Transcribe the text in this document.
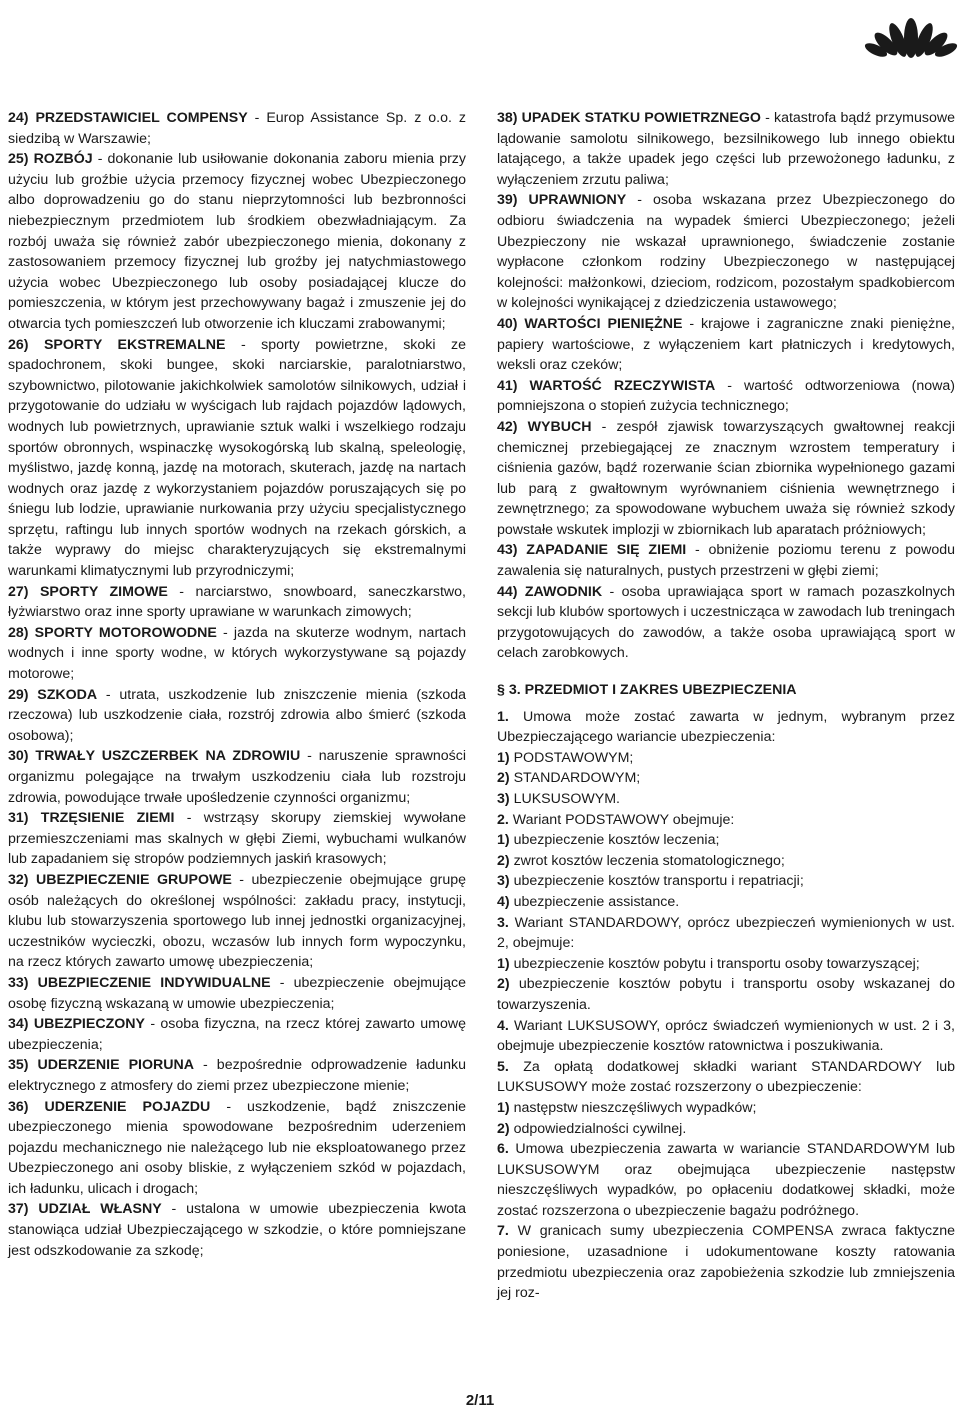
24) PRZEDSTAWICIEL COMPENSY - Europ Assistance Sp. z o.o. z siedzibą w Warszawie;

25) ROZBÓJ - dokonanie lub usiłowanie dokonania zaboru mienia przy użyciu lub groźbie użycia przemocy fizycznej wobec Ubezpieczonego albo doprowadzeniu go do stanu nieprzytomności lub bezbronności niebezpiecznym przedmiotem lub środkiem obezwładniającym. Za rozbój uważa się również zabór ubezpieczonego mienia, dokonany z zastosowaniem przemocy fizycznej lub groźby jej natychmiastowego użycia wobec Ubezpieczonego lub osoby posiadającej klucze do pomieszczenia, w którym jest przechowywany bagaż i zmuszenie jej do otwarcia tych pomieszczeń lub otworzenie ich kluczami zrabowanymi;

26) SPORTY EKSTREMALNE - sporty powietrzne, skoki ze spadochronem, skoki bungee, skoki narciarskie, paralotniarstwo, szybownictwo, pilotowanie jakichkolwiek samolotów silnikowych, udział i przygotowanie do udziału w wyścigach lub rajdach pojazdów lądowych, wodnych lub powietrznych, uprawianie sztuk walki i wszelkiego rodzaju sportów obronnych, wspinaczkę wysokogórską lub skalną, speleologię, myślistwo, jazdę konną, jazdę na motorach, skuterach, jazdę na nartach wodnych oraz jazdę z wykorzystaniem pojazdów poruszających się po śniegu lub lodzie, uprawianie nurkowania przy użyciu specjalistycznego sprzętu, raftingu lub innych sportów wodnych na rzekach górskich, a także wyprawy do miejsc charakteryzujących się ekstremalnymi warunkami klimatycznymi lub przyrodniczymi;

27) SPORTY ZIMOWE - narciarstwo, snowboard, saneczkarstwo, łyżwiarstwo oraz inne sporty uprawiane w warunkach zimowych;

28) SPORTY MOTOROWODNE - jazda na skuterze wodnym, nartach wodnych i inne sporty wodne, w których wykorzystywane są pojazdy motorowe;

29) SZKODA - utrata, uszkodzenie lub zniszczenie mienia (szkoda rzeczowa) lub uszkodzenie ciała, rozstrój zdrowia albo śmierć (szkoda osobowa);

30) TRWAŁY USZCZERBEK NA ZDROWIU - naruszenie sprawności organizmu polegające na trwałym uszkodzeniu ciała lub rozstroju zdrowia, powodujące trwałe upośledzenie czynności organizmu;

31) TRZĘSIENIE ZIEMI - wstrząsy skorupy ziemskiej wywołane przemieszczeniami mas skalnych w głębi Ziemi, wybuchami wulkanów lub zapadaniem się stropów podziemnych jaskiń krasowych;

32) UBEZPIECZENIE GRUPOWE - ubezpieczenie obejmujące grupę osób należących do określonej wspólności: zakładu pracy, instytucji, klubu lub stowarzyszenia sportowego lub innej jednostki organizacyjnej, uczestników wycieczki, obozu, wczasów lub innych form wypoczynku, na rzecz których zawarto umowę ubezpieczenia;

33) UBEZPIECZENIE INDYWIDUALNE - ubezpieczenie obejmujące osobę fizyczną wskazaną w umowie ubezpieczenia;

34) UBEZPIECZONY - osoba fizyczna, na rzecz której zawarto umowę ubezpieczenia;

35) UDERZENIE PIORUNA - bezpośrednie odprowadzenie ładunku elektrycznego z atmosfery do ziemi przez ubezpieczone mienie;

36) UDERZENIE POJAZDU - uszkodzenie, bądź zniszczenie ubezpieczonego mienia spowodowane bezpośrednim uderzeniem pojazdu mechanicznego nie należącego lub nie eksploatowanego przez Ubezpieczonego ani osoby bliskie, z wyłączeniem szkód w pojazdach, ich ładunku, ulicach i drogach;

37) UDZIAŁ WŁASNY - ustalona w umowie ubezpieczenia kwota stanowiąca udział Ubezpieczającego w szkodzie, o które pomniejszane jest odszkodowanie za szkodę;

38) UPADEK STATKU POWIETRZNEGO - katastrofa bądź przymusowe lądowanie samolotu silnikowego, bezsilnikowego lub innego obiektu latającego, a także upadek jego części lub przewożonego ładunku, z wyłączeniem zrzutu paliwa;

39) UPRAWNIONY - osoba wskazana przez Ubezpieczonego do odbioru świadczenia na wypadek śmierci Ubezpieczonego; jeżeli Ubezpieczony nie wskazał uprawnionego, świadczenie zostanie wypłacone członkom rodziny Ubezpieczonego w następującej kolejności: małżonkowi, dzieciom, rodzicom, pozostałym spadkobiercom w kolejności wynikającej z dziedziczenia ustawowego;

40) WARTOŚCI PIENIĘŻNE - krajowe i zagraniczne znaki pieniężne, papiery wartościowe, z wyłączeniem kart płatniczych i kredytowych, weksli oraz czeków;

41) WARTOŚĆ RZECZYWISTA - wartość odtworzeniowa (nowa) pomniejszona o stopień zużycia technicznego;

42) WYBUCH - zespół zjawisk towarzyszących gwałtownej reakcji chemicznej przebiegającej ze znacznym wzrostem temperatury i ciśnienia gazów, bądź rozerwanie ścian zbiornika wypełnionego gazami lub parą z gwałtownym wyrównaniem ciśnienia wewnętrznego i zewnętrznego; za spowodowane wybuchem uważa się również szkody powstałe wskutek implozji w zbiornikach lub aparatach próżniowych;

43) ZAPADANIE SIĘ ZIEMI - obniżenie poziomu terenu z powodu zawalenia się naturalnych, pustych przestrzeni w głębi ziemi;

44) ZAWODNIK - osoba uprawiająca sport w ramach pozaszkolnych sekcji lub klubów sportowych i uczestnicząca w zawodach lub treningach przygotowujących do zawodów, a także osoba uprawiającą sport w celach zarobkowych.

§ 3. PRZEDMIOT I ZAKRES UBEZPIECZENIA

1. Umowa może zostać zawarta w jednym, wybranym przez Ubezpieczającego wariancie ubezpieczenia:

1) PODSTAWOWYM;

2) STANDARDOWYM;

3) LUKSUSOWYM.

2. Wariant PODSTAWOWY obejmuje:

1) ubezpieczenie kosztów leczenia;

2) zwrot kosztów leczenia stomatologicznego;

3) ubezpieczenie kosztów transportu i repatriacji;

4) ubezpieczenie assistance.

3. Wariant STANDARDOWY, oprócz ubezpieczeń wymienionych w ust. 2, obejmuje:

1) ubezpieczenie kosztów pobytu i transportu osoby towarzyszącej;

2) ubezpieczenie kosztów pobytu i transportu osoby wskazanej do towarzyszenia.

4. Wariant LUKSUSOWY, oprócz świadczeń wymienionych w ust. 2 i 3, obejmuje ubezpieczenie kosztów ratownictwa i poszukiwania.

5. Za opłatą dodatkowej składki wariant STANDARDOWY lub LUKSUSOWY może zostać rozszerzony o ubezpieczenie:

1) następstw nieszczęśliwych wypadków;

2) odpowiedzialności cywilnej.

6. Umowa ubezpieczenia zawarta w wariancie STANDARDOWYM lub LUKSUSOWYM oraz obejmująca ubezpieczenie następstw nieszczęśliwych wypadków, po opłaceniu dodatkowej składki, może zostać rozszerzona o ubezpieczenie bagażu podróżnego.

7. W granicach sumy ubezpieczenia COMPENSA zwraca faktyczne poniesione, uzasadnione i udokumentowane koszty ratowania przedmiotu ubezpieczenia oraz zapobieżenia szkodzie lub zmniejszenia jej roz-

2/11
